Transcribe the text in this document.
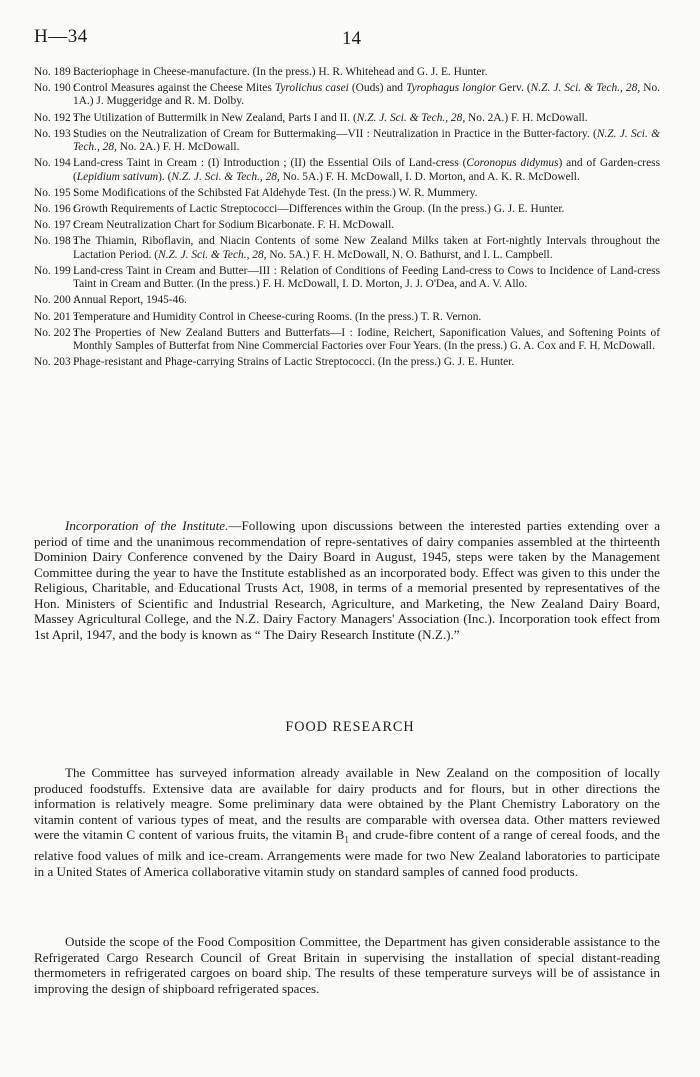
H—34	14
No. 189 :
Bacteriophage in Cheese-manufacture. (In the press.) H. R. Whitehead and G. J. E. Hunter.
No. 190 :
Control Measures against the Cheese Mites Tyrolichus casei (Ouds) and Tyrophagus longior Gerv. (N.Z. J. Sci. & Tech., 28, No. 1A.) J. Muggeridge and R. M. Dolby.
No. 192 :
The Utilization of Buttermilk in New Zealand, Parts I and II. (N.Z. J. Sci. & Tech., 28, No. 2A.) F. H. McDowall.
No. 193 :
Studies on the Neutralization of Cream for Buttermaking—VII : Neutralization in Practice in the Butter-factory. (N.Z. J. Sci. & Tech., 28, No. 2A.) F. H. McDowall.
No. 194 :
Land-cress Taint in Cream : (I) Introduction ; (II) the Essential Oils of Land-cress (Coronopus didymus) and of Garden-cress (Lepidium sativum). (N.Z. J. Sci. & Tech., 28, No. 5A.) F. H. McDowall, I. D. Morton, and A. K. R. McDowell.
No. 195 :
Some Modifications of the Schibsted Fat Aldehyde Test. (In the press.) W. R. Mummery.
No. 196 :
Growth Requirements of Lactic Streptococci—Differences within the Group. (In the press.) G. J. E. Hunter.
No. 197 :
Cream Neutralization Chart for Sodium Bicarbonate. F. H. McDowall.
No. 198 :
The Thiamin, Riboflavin, and Niacin Contents of some New Zealand Milks taken at Fort-nightly Intervals throughout the Lactation Period. (N.Z. J. Sci. & Tech., 28, No. 5A.) F. H. McDowall, N. O. Bathurst, and I. L. Campbell.
No. 199 :
Land-cress Taint in Cream and Butter—III : Relation of Conditions of Feeding Land-cress to Cows to Incidence of Land-cress Taint in Cream and Butter. (In the press.) F. H. McDowall, I. D. Morton, J. J. O'Dea, and A. V. Allo.
No. 200 :
Annual Report, 1945-46.
No. 201 :
Temperature and Humidity Control in Cheese-curing Rooms. (In the press.) T. R. Vernon.
No. 202 :
The Properties of New Zealand Butters and Butterfats—I : Iodine, Reichert, Saponification Values, and Softening Points of Monthly Samples of Butterfat from Nine Commercial Factories over Four Years. (In the press.) G. A. Cox and F. H. McDowall.
No. 203 :
Phage-resistant and Phage-carrying Strains of Lactic Streptococci. (In the press.) G. J. E. Hunter.

Incorporation of the Institute.—Following upon discussions between the interested parties extending over a period of time and the unanimous recommendation of repre-sentatives of dairy companies assembled at the thirteenth Dominion Dairy Conference convened by the Dairy Board in August, 1945, steps were taken by the Management Committee during the year to have the Institute established as an incorporated body. Effect was given to this under the Religious, Charitable, and Educational Trusts Act, 1908, in terms of a memorial presented by representatives of the Hon. Ministers of Scientific and Industrial Research, Agriculture, and Marketing, the New Zealand Dairy Board, Massey Agricultural College, and the N.Z. Dairy Factory Managers' Association (Inc.). Incorporation took effect from 1st April, 1947, and the body is known as “ The Dairy Research Institute (N.Z.).”

FOOD RESEARCH

The Committee has surveyed information already available in New Zealand on the composition of locally produced foodstuffs. Extensive data are available for dairy products and for flours, but in other directions the information is relatively meagre. Some preliminary data were obtained by the Plant Chemistry Laboratory on the vitamin content of various types of meat, and the results are comparable with oversea data. Other matters reviewed were the vitamin C content of various fruits, the vitamin $B_1$ and crude-fibre content of a range of cereal foods, and the relative food values of milk and ice-cream. Arrangements were made for two New Zealand laboratories to participate in a United States of America collaborative vitamin study on standard samples of canned food products.

Outside the scope of the Food Composition Committee, the Department has given considerable assistance to the Refrigerated Cargo Research Council of Great Britain in supervising the installation of special distant-reading thermometers in refrigerated cargoes on board ship. The results of these temperature surveys will be of assistance in improving the design of shipboard refrigerated spaces.
